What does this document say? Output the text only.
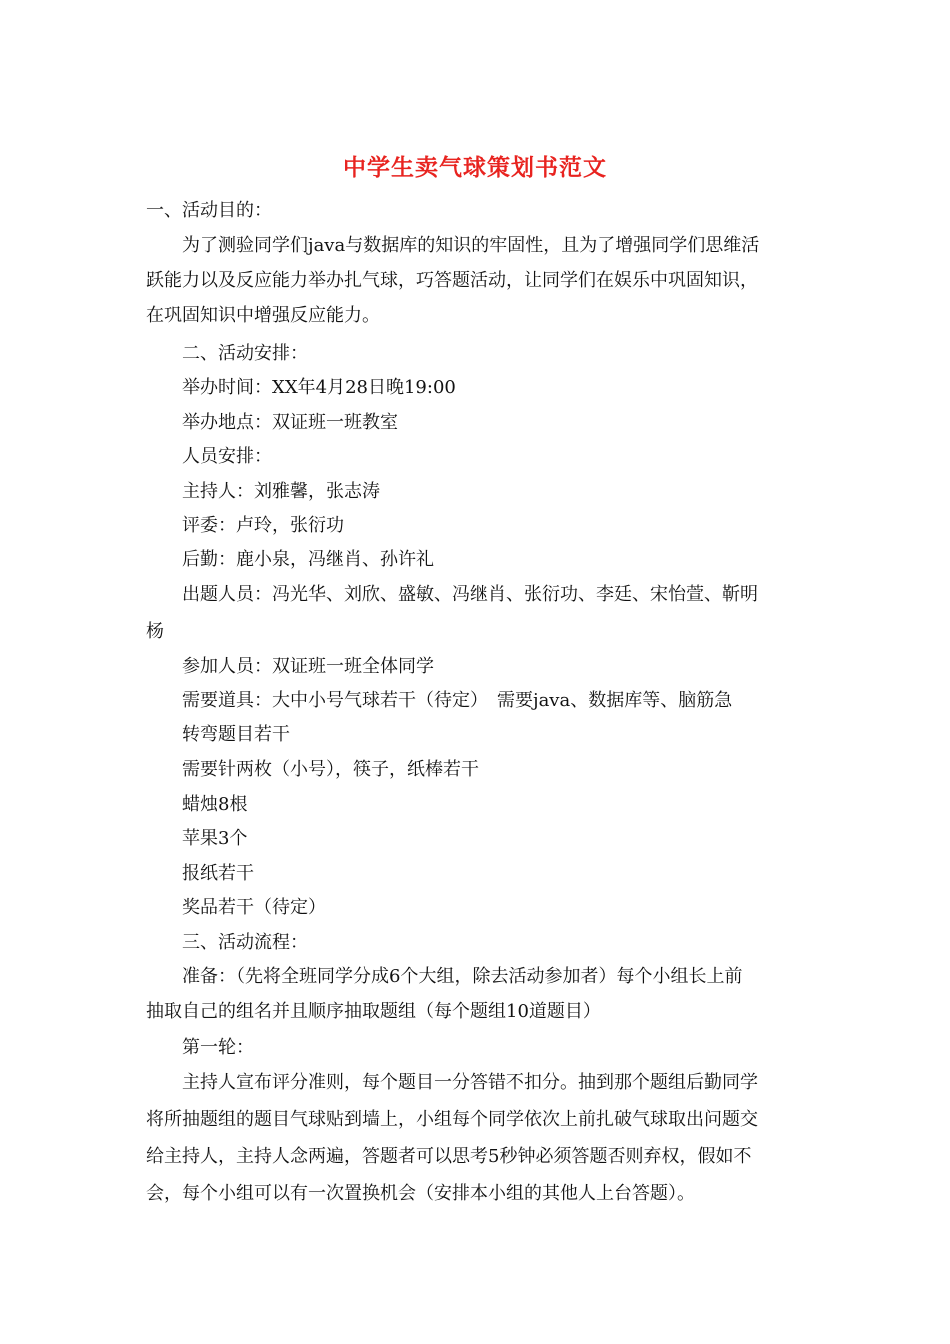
中学生卖气球策划书范文
一、活动目的：
为了测验同学们java与数据库的知识的牢固性，且为了增强同学们思维活
跃能力以及反应能力举办扎气球，巧答题活动，让同学们在娱乐中巩固知识，
在巩固知识中增强反应能力。
二、活动安排：
举办时间：XX年4月28日晚19:00
举办地点：双证班一班教室
人员安排：
主持人：刘雅馨，张志涛
评委：卢玲，张衍功
后勤：鹿小泉，冯继肖、孙许礼
出题人员：冯光华、刘欣、盛敏、冯继肖、张衍功、李廷、宋怡萱、靳明
杨
参加人员：双证班一班全体同学
需要道具：大中小号气球若干（待定）　需要java、数据库等、脑筋急
转弯题目若干
需要针两枚（小号），筷子，纸棒若干
蜡烛8根
苹果3个
报纸若干
奖品若干（待定）
三、活动流程：
准备：（先将全班同学分成6个大组，除去活动参加者）每个小组长上前
抽取自己的组名并且顺序抽取题组（每个题组10道题目）
第一轮：
主持人宣布评分准则，每个题目一分答错不扣分。抽到那个题组后勤同学
将所抽题组的题目气球贴到墙上，小组每个同学依次上前扎破气球取出问题交
给主持人，主持人念两遍，答题者可以思考5秒钟必须答题否则弃权，假如不
会，每个小组可以有一次置换机会（安排本小组的其他人上台答题）。
